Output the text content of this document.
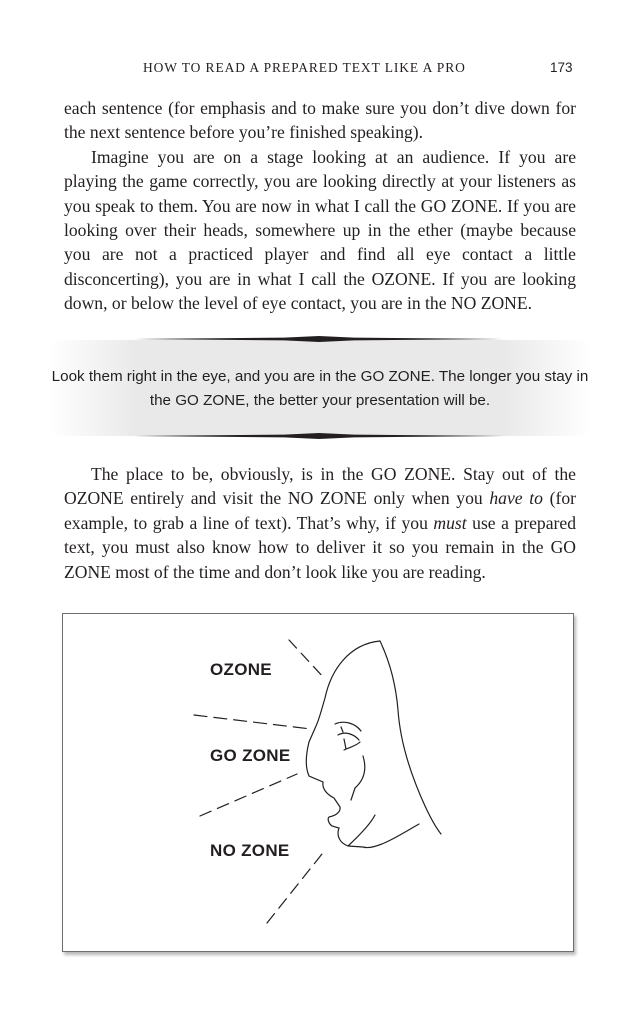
HOW TO READ A PREPARED TEXT LIKE A PRO	173

each sentence (for emphasis and to make sure you don’t dive down for the next sentence before you’re finished speaking).

Imagine you are on a stage looking at an audience. If you are playing the game correctly, you are looking directly at your listeners as you speak to them. You are now in what I call the GO ZONE. If you are looking over their heads, somewhere up in the ether (maybe because you are not a practiced player and find all eye contact a little disconcerting), you are in what I call the OZONE. If you are looking down, or below the level of eye contact, you are in the NO ZONE.

Look them right in the eye, and you are in the GO ZONE. The longer you stay in the GO ZONE, the better your presentation will be.

The place to be, obviously, is in the GO ZONE. Stay out of the OZONE entirely and visit the NO ZONE only when you have to (for example, to grab a line of text). That’s why, if you must use a prepared text, you must also know how to deliver it so you remain in the GO ZONE most of the time and don’t look like you are reading.

OZONE
GO ZONE
NO ZONE
